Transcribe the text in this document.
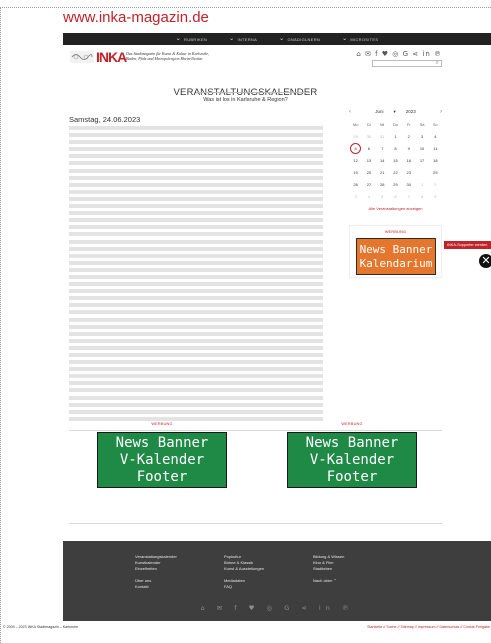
www.inka-magazin.de
⌄ RUBRIKEN	⌄ INTERNA	⌄ GNÄDIGLNERN	⌄ MICROSITES
INKA Das Stadtmagazin für Kunst & Kultur in Karlsruhe,
Baden, Pfalz und Metropolregion Rhein-Neckar
⌂ ✉ f ♥ ◎ G ⋖ in ℗
⌕
VERANSTALTUNGSKALENDER
Was ist los in Karlsruhe & Region?
Samstag, 24.06.2023
‹	Juni ▾ 2023	›
Mo	Di	Mi	Do	Fr	Sa	So
29 30 31 1	2	3	4
5	6	7	8	9 10 11
12 13 14 15 16 17 18
19 20 21 22 23 24 25
26 27 28 29 30 1	2
3	4	5	6	7	8	9
Alle Veranstaltungen anzeigen
WERBUNG
News Banner
Kalendarium
INKA-Supporter werden
✕
WERBUNG
News Banner
V-Kalender
Footer
WERBUNG
News Banner
V-Kalender
Footer
Veranstaltungskalender
Kunstkalender
Einzelheiten

Über uns
Kontakt
Popkultur
Bühne & Klassik
Kunst & Ausstellungen

Mediadaten
FAQ
Bildung & Wissen
Kino & Film
Stadtleben

Nach oben ⌃
⌂ ✉ f ♥ ◎ G ⋖ in ℗
© 2009 – 2023 INKA Stadtmagazin – Karlsruhe	Startseite // Suche // Sitemap // Impressum // Datenschutz // Cookie-Freigabe
